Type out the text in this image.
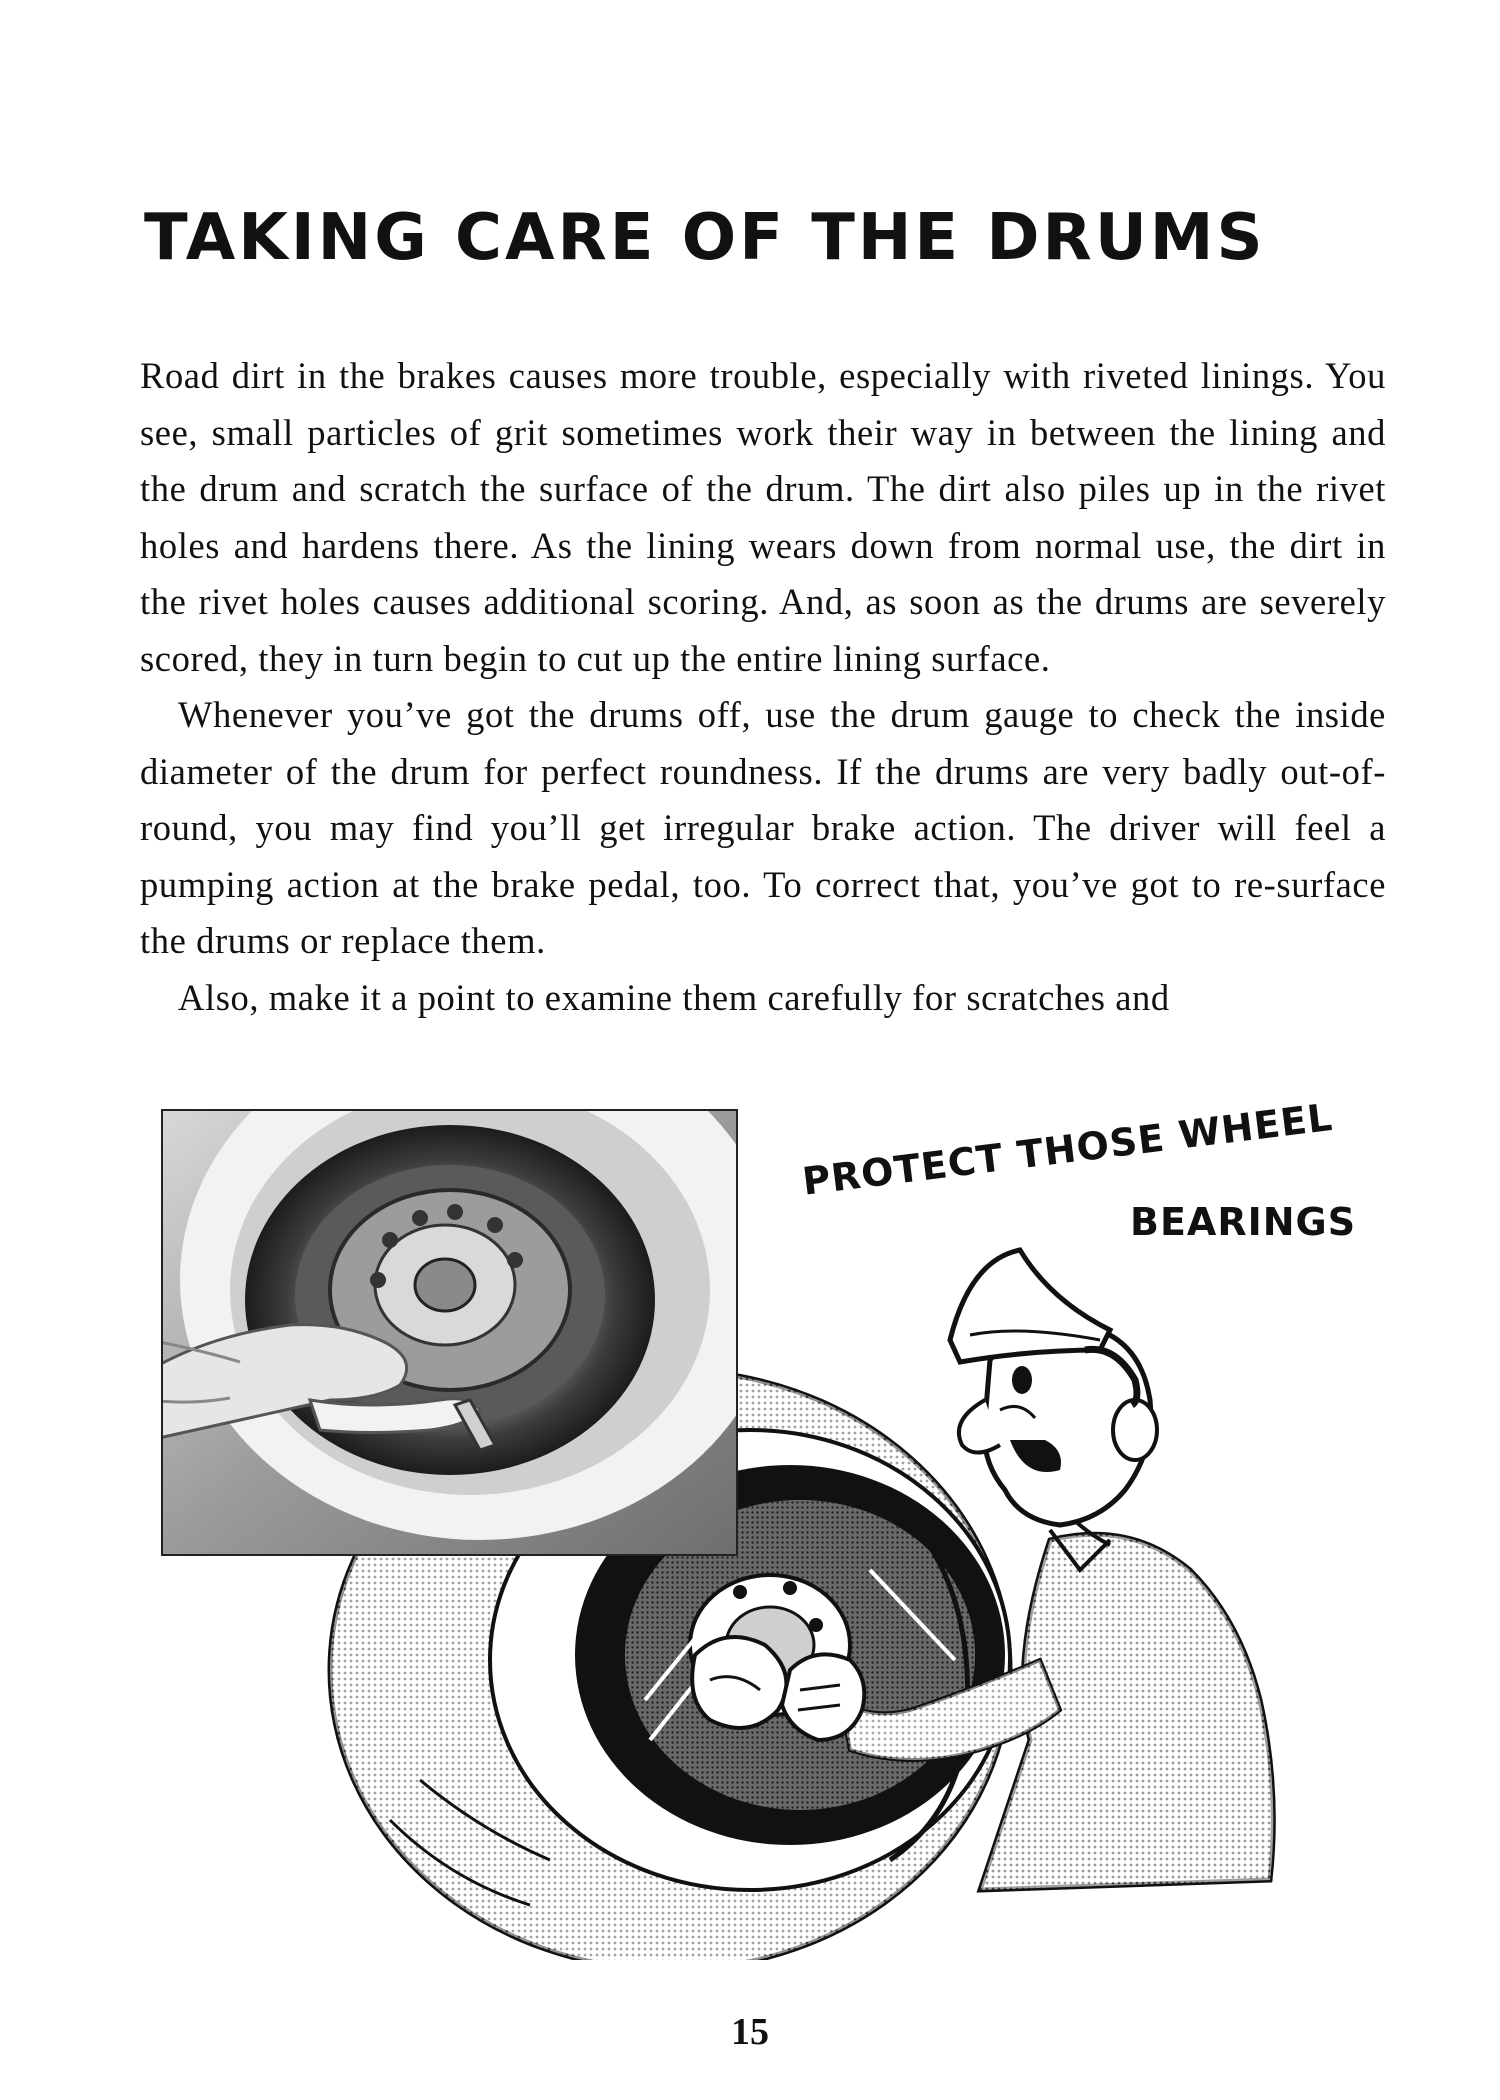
TAKING CARE OF THE DRUMS

Road dirt in the brakes causes more trouble, especially with riveted linings. You see, small particles of grit sometimes work their way in between the lining and the drum and scratch the surface of the drum. The dirt also piles up in the rivet holes and hardens there. As the lining wears down from normal use, the dirt in the rivet holes causes additional scoring. And, as soon as the drums are severely scored, they in turn begin to cut up the entire lining surface.

Whenever you’ve got the drums off, use the drum gauge to check the inside diameter of the drum for perfect roundness. If the drums are very badly out-of-round, you may find you’ll get irregular brake action. The driver will feel a pumping action at the brake pedal, too. To correct that, you’ve got to re-surface the drums or replace them.

Also, make it a point to examine them carefully for scratches and

PROTECT THOSE WHEEL
BEARINGS
15
